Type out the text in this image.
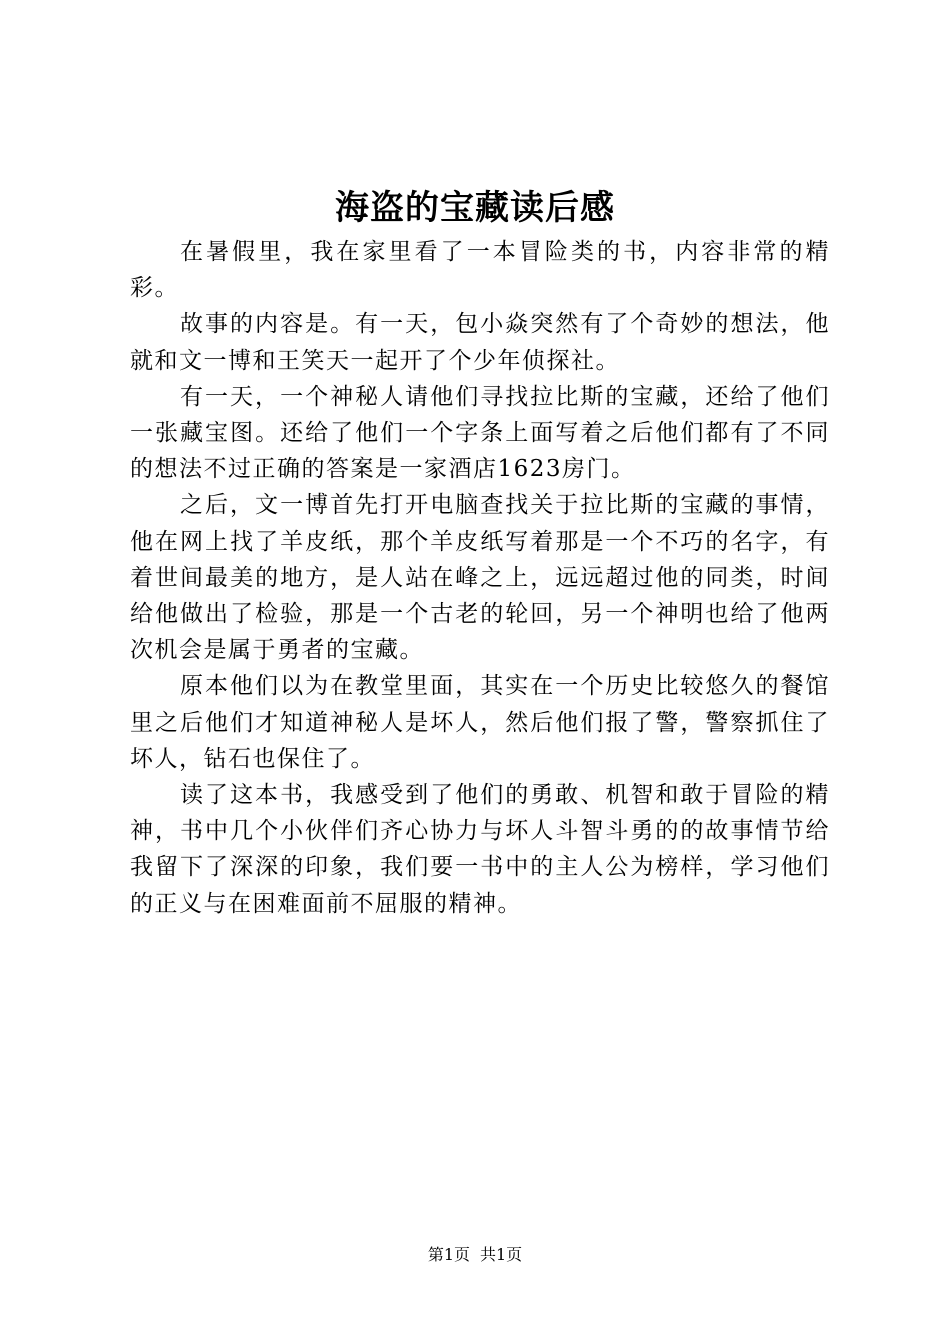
海盗的宝藏读后感

在暑假里，我在家里看了一本冒险类的书，内容非常的精彩。

故事的内容是。有一天，包小焱突然有了个奇妙的想法，他就和文一博和王笑天一起开了个少年侦探社。

有一天，一个神秘人请他们寻找拉比斯的宝藏，还给了他们一张藏宝图。还给了他们一个字条上面写着之后他们都有了不同的想法不过正确的答案是一家酒店1623房门。

之后，文一博首先打开电脑查找关于拉比斯的宝藏的事情，他在网上找了羊皮纸，那个羊皮纸写着那是一个不巧的名字，有着世间最美的地方，是人站在峰之上，远远超过他的同类，时间给他做出了检验，那是一个古老的轮回，另一个神明也给了他两次机会是属于勇者的宝藏。

原本他们以为在教堂里面，其实在一个历史比较悠久的餐馆里之后他们才知道神秘人是坏人，然后他们报了警，警察抓住了坏人，钻石也保住了。

读了这本书，我感受到了他们的勇敢、机智和敢于冒险的精神，书中几个小伙伴们齐心协力与坏人斗智斗勇的的故事情节给我留下了深深的印象，我们要一书中的主人公为榜样，学习他们的正义与在困难面前不屈服的精神。

第1页 共1页
